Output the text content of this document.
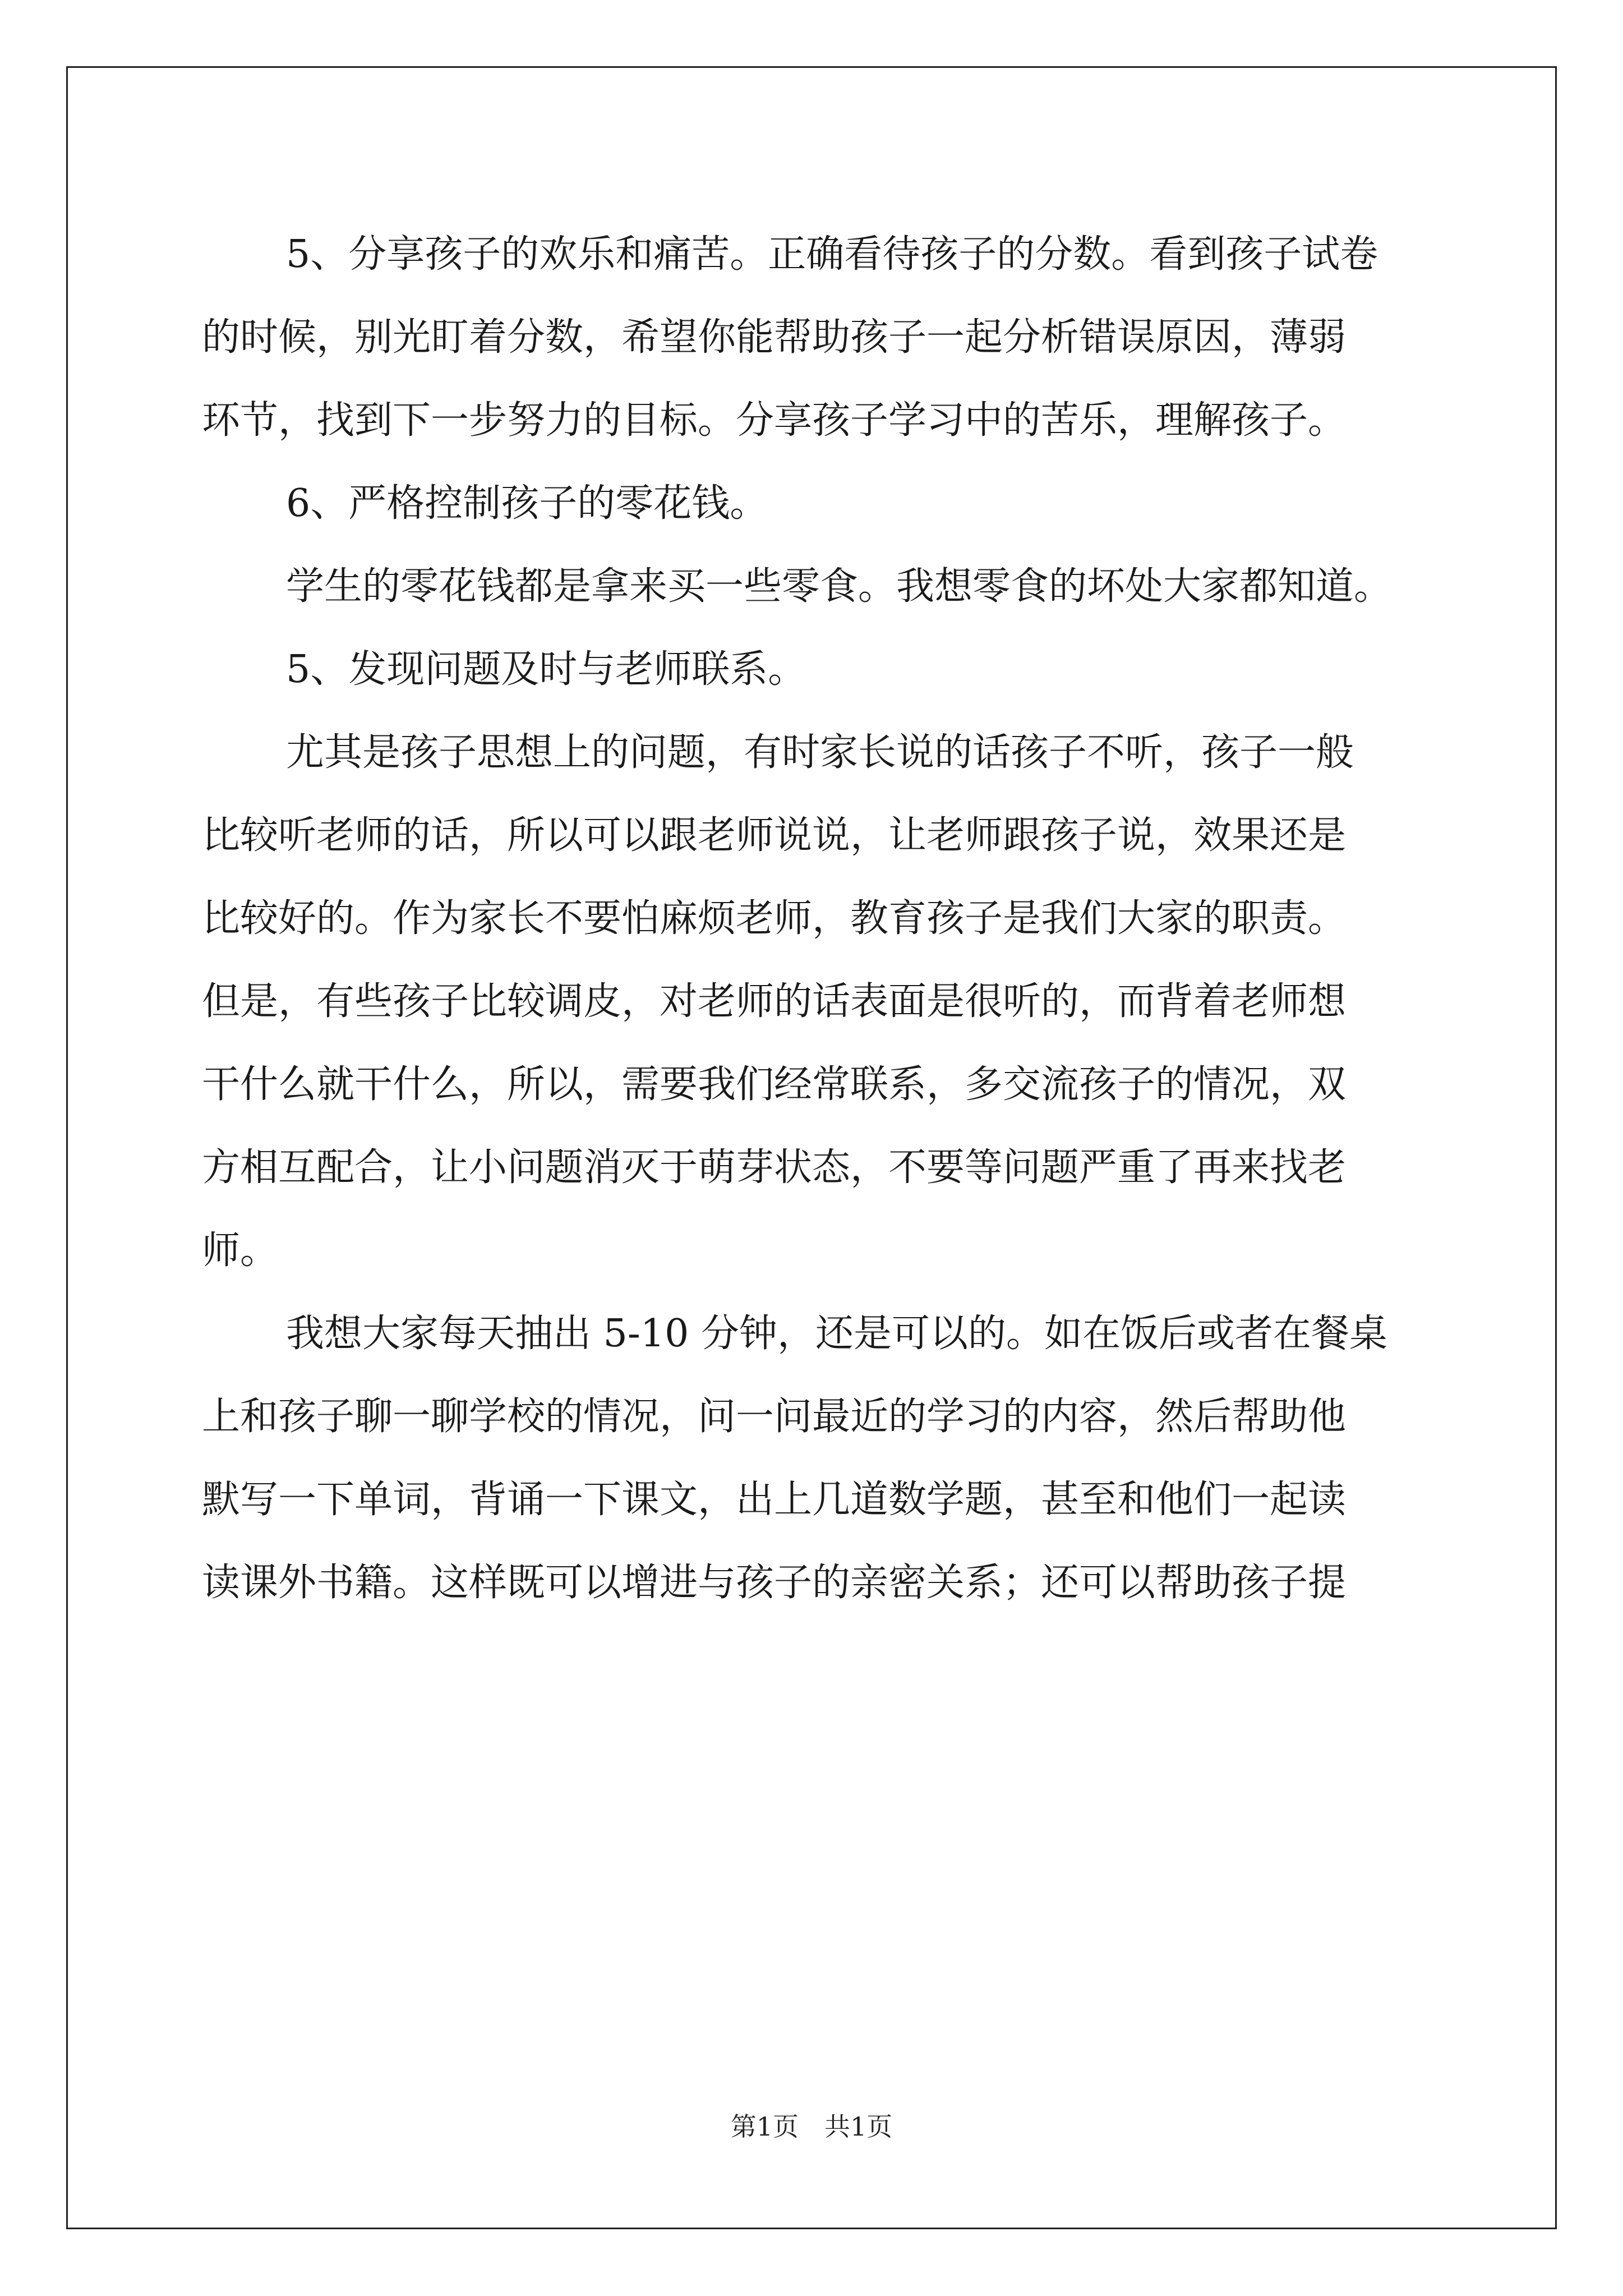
5、分享孩子的欢乐和痛苦。正确看待孩子的分数。看到孩子试卷
的时候，别光盯着分数，希望你能帮助孩子一起分析错误原因，薄弱
环节，找到下一步努力的目标。分享孩子学习中的苦乐，理解孩子。
6、严格控制孩子的零花钱。
学生的零花钱都是拿来买一些零食。我想零食的坏处大家都知道。
5、发现问题及时与老师联系。
尤其是孩子思想上的问题，有时家长说的话孩子不听，孩子一般
比较听老师的话，所以可以跟老师说说，让老师跟孩子说，效果还是
比较好的。作为家长不要怕麻烦老师，教育孩子是我们大家的职责。
但是，有些孩子比较调皮，对老师的话表面是很听的，而背着老师想
干什么就干什么，所以，需要我们经常联系，多交流孩子的情况，双
方相互配合，让小问题消灭于萌芽状态，不要等问题严重了再来找老
师。
我想大家每天抽出 5-10 分钟，还是可以的。如在饭后或者在餐桌
上和孩子聊一聊学校的情况，问一问最近的学习的内容，然后帮助他
默写一下单词，背诵一下课文，出上几道数学题，甚至和他们一起读
读课外书籍。这样既可以增进与孩子的亲密关系；还可以帮助孩子提
第1页　共1页
